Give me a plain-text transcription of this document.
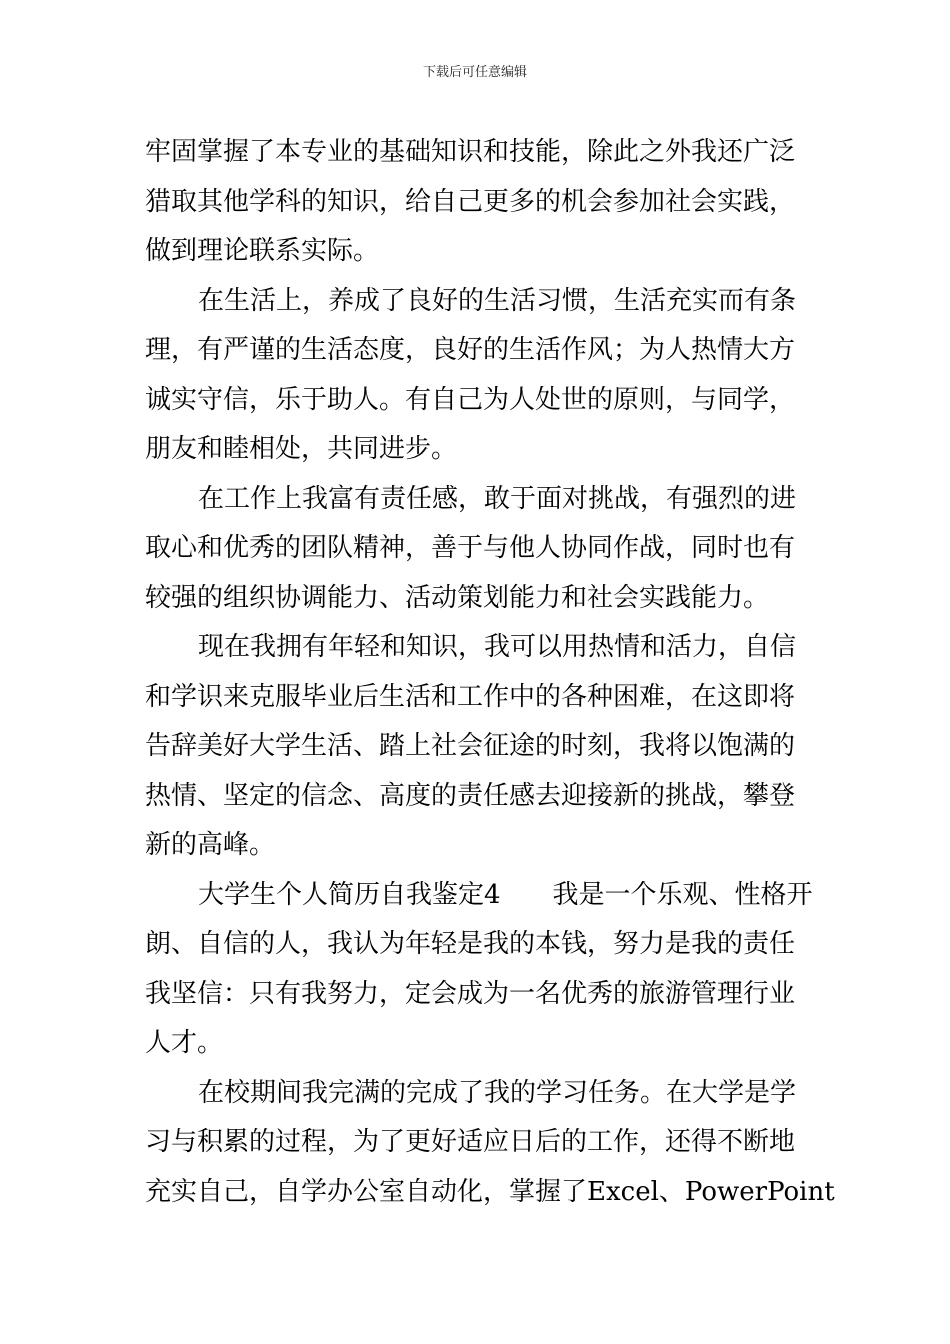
下载后可任意编辑
牢固掌握了本专业的基础知识和技能，除此之外我还广泛
猎取其他学科的知识，给自己更多的机会参加社会实践，
做到理论联系实际。
在生活上，养成了良好的生活习惯，生活充实而有条
理，有严谨的生活态度，良好的生活作风；为人热情大方
诚实守信，乐于助人。有自己为人处世的原则，与同学，
朋友和睦相处，共同进步。
在工作上我富有责任感，敢于面对挑战，有强烈的进
取心和优秀的团队精神，善于与他人协同作战，同时也有
较强的组织协调能力、活动策划能力和社会实践能力。
现在我拥有年轻和知识，我可以用热情和活力，自信
和学识来克服毕业后生活和工作中的各种困难，在这即将
告辞美好大学生活、踏上社会征途的时刻，我将以饱满的
热情、坚定的信念、高度的责任感去迎接新的挑战，攀登
新的高峰。
大学生个人简历自我鉴定4 我是一个乐观、性格开
朗、自信的人，我认为年轻是我的本钱，努力是我的责任
我坚信：只有我努力，定会成为一名优秀的旅游管理行业
人才。
在校期间我完满的完成了我的学习任务。在大学是学
习与积累的过程，为了更好适应日后的工作，还得不断地
充实自己，自学办公室自动化，掌握了Excel、PowerPoint
